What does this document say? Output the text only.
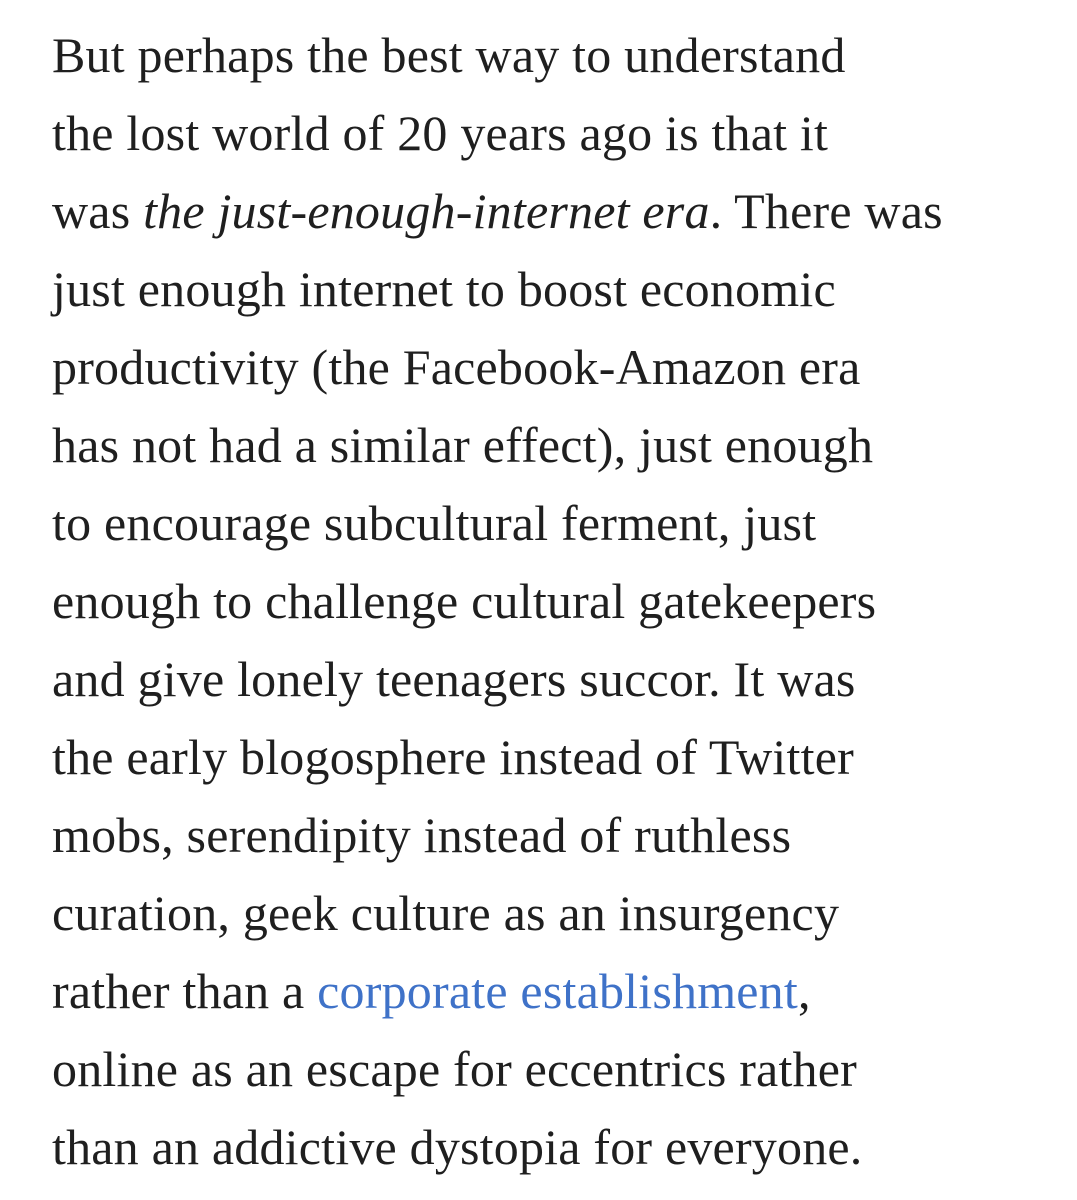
But perhaps the best way to understand
the lost world of 20 years ago is that it
was the just-enough-internet era. There was
just enough internet to boost economic
productivity (the Facebook-Amazon era
has not had a similar effect), just enough
to encourage subcultural ferment, just
enough to challenge cultural gatekeepers
and give lonely teenagers succor. It was
the early blogosphere instead of Twitter
mobs, serendipity instead of ruthless
curation, geek culture as an insurgency
rather than a corporate establishment,
online as an escape for eccentrics rather
than an addictive dystopia for everyone.
